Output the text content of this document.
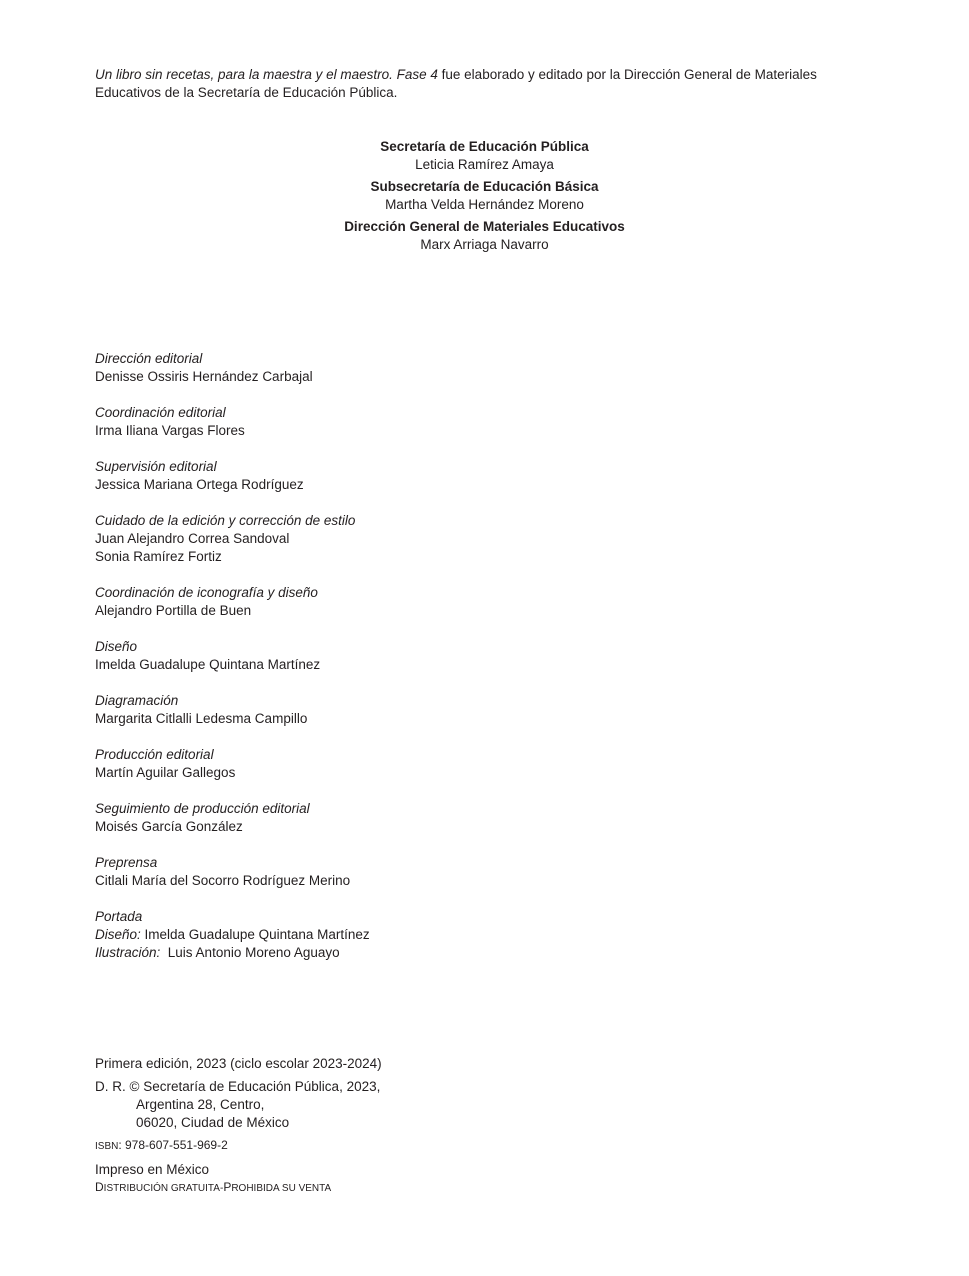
Un libro sin recetas, para la maestra y el maestro. Fase 4 fue elaborado y editado por la Dirección General de Materiales Educativos de la Secretaría de Educación Pública.
Secretaría de Educación Pública
Leticia Ramírez Amaya
Subsecretaría de Educación Básica
Martha Velda Hernández Moreno
Dirección General de Materiales Educativos
Marx Arriaga Navarro
Dirección editorial
Denisse Ossiris Hernández Carbajal
Coordinación editorial
Irma Iliana Vargas Flores
Supervisión editorial
Jessica Mariana Ortega Rodríguez
Cuidado de la edición y corrección de estilo
Juan Alejandro Correa Sandoval
Sonia Ramírez Fortiz
Coordinación de iconografía y diseño
Alejandro Portilla de Buen
Diseño
Imelda Guadalupe Quintana Martínez
Diagramación
Margarita Citlalli Ledesma Campillo
Producción editorial
Martín Aguilar Gallegos
Seguimiento de producción editorial
Moisés García González
Preprensa
Citlali María del Socorro Rodríguez Merino
Portada
Diseño: Imelda Guadalupe Quintana Martínez
Ilustración:  Luis Antonio Moreno Aguayo
Primera edición, 2023 (ciclo escolar 2023-2024)
D. R. © Secretaría de Educación Pública, 2023,
Argentina 28, Centro,
06020, Ciudad de México
ISBN: 978-607-551-969-2
Impreso en México
DISTRIBUCIÓN GRATUITA-PROHIBIDA SU VENTA
